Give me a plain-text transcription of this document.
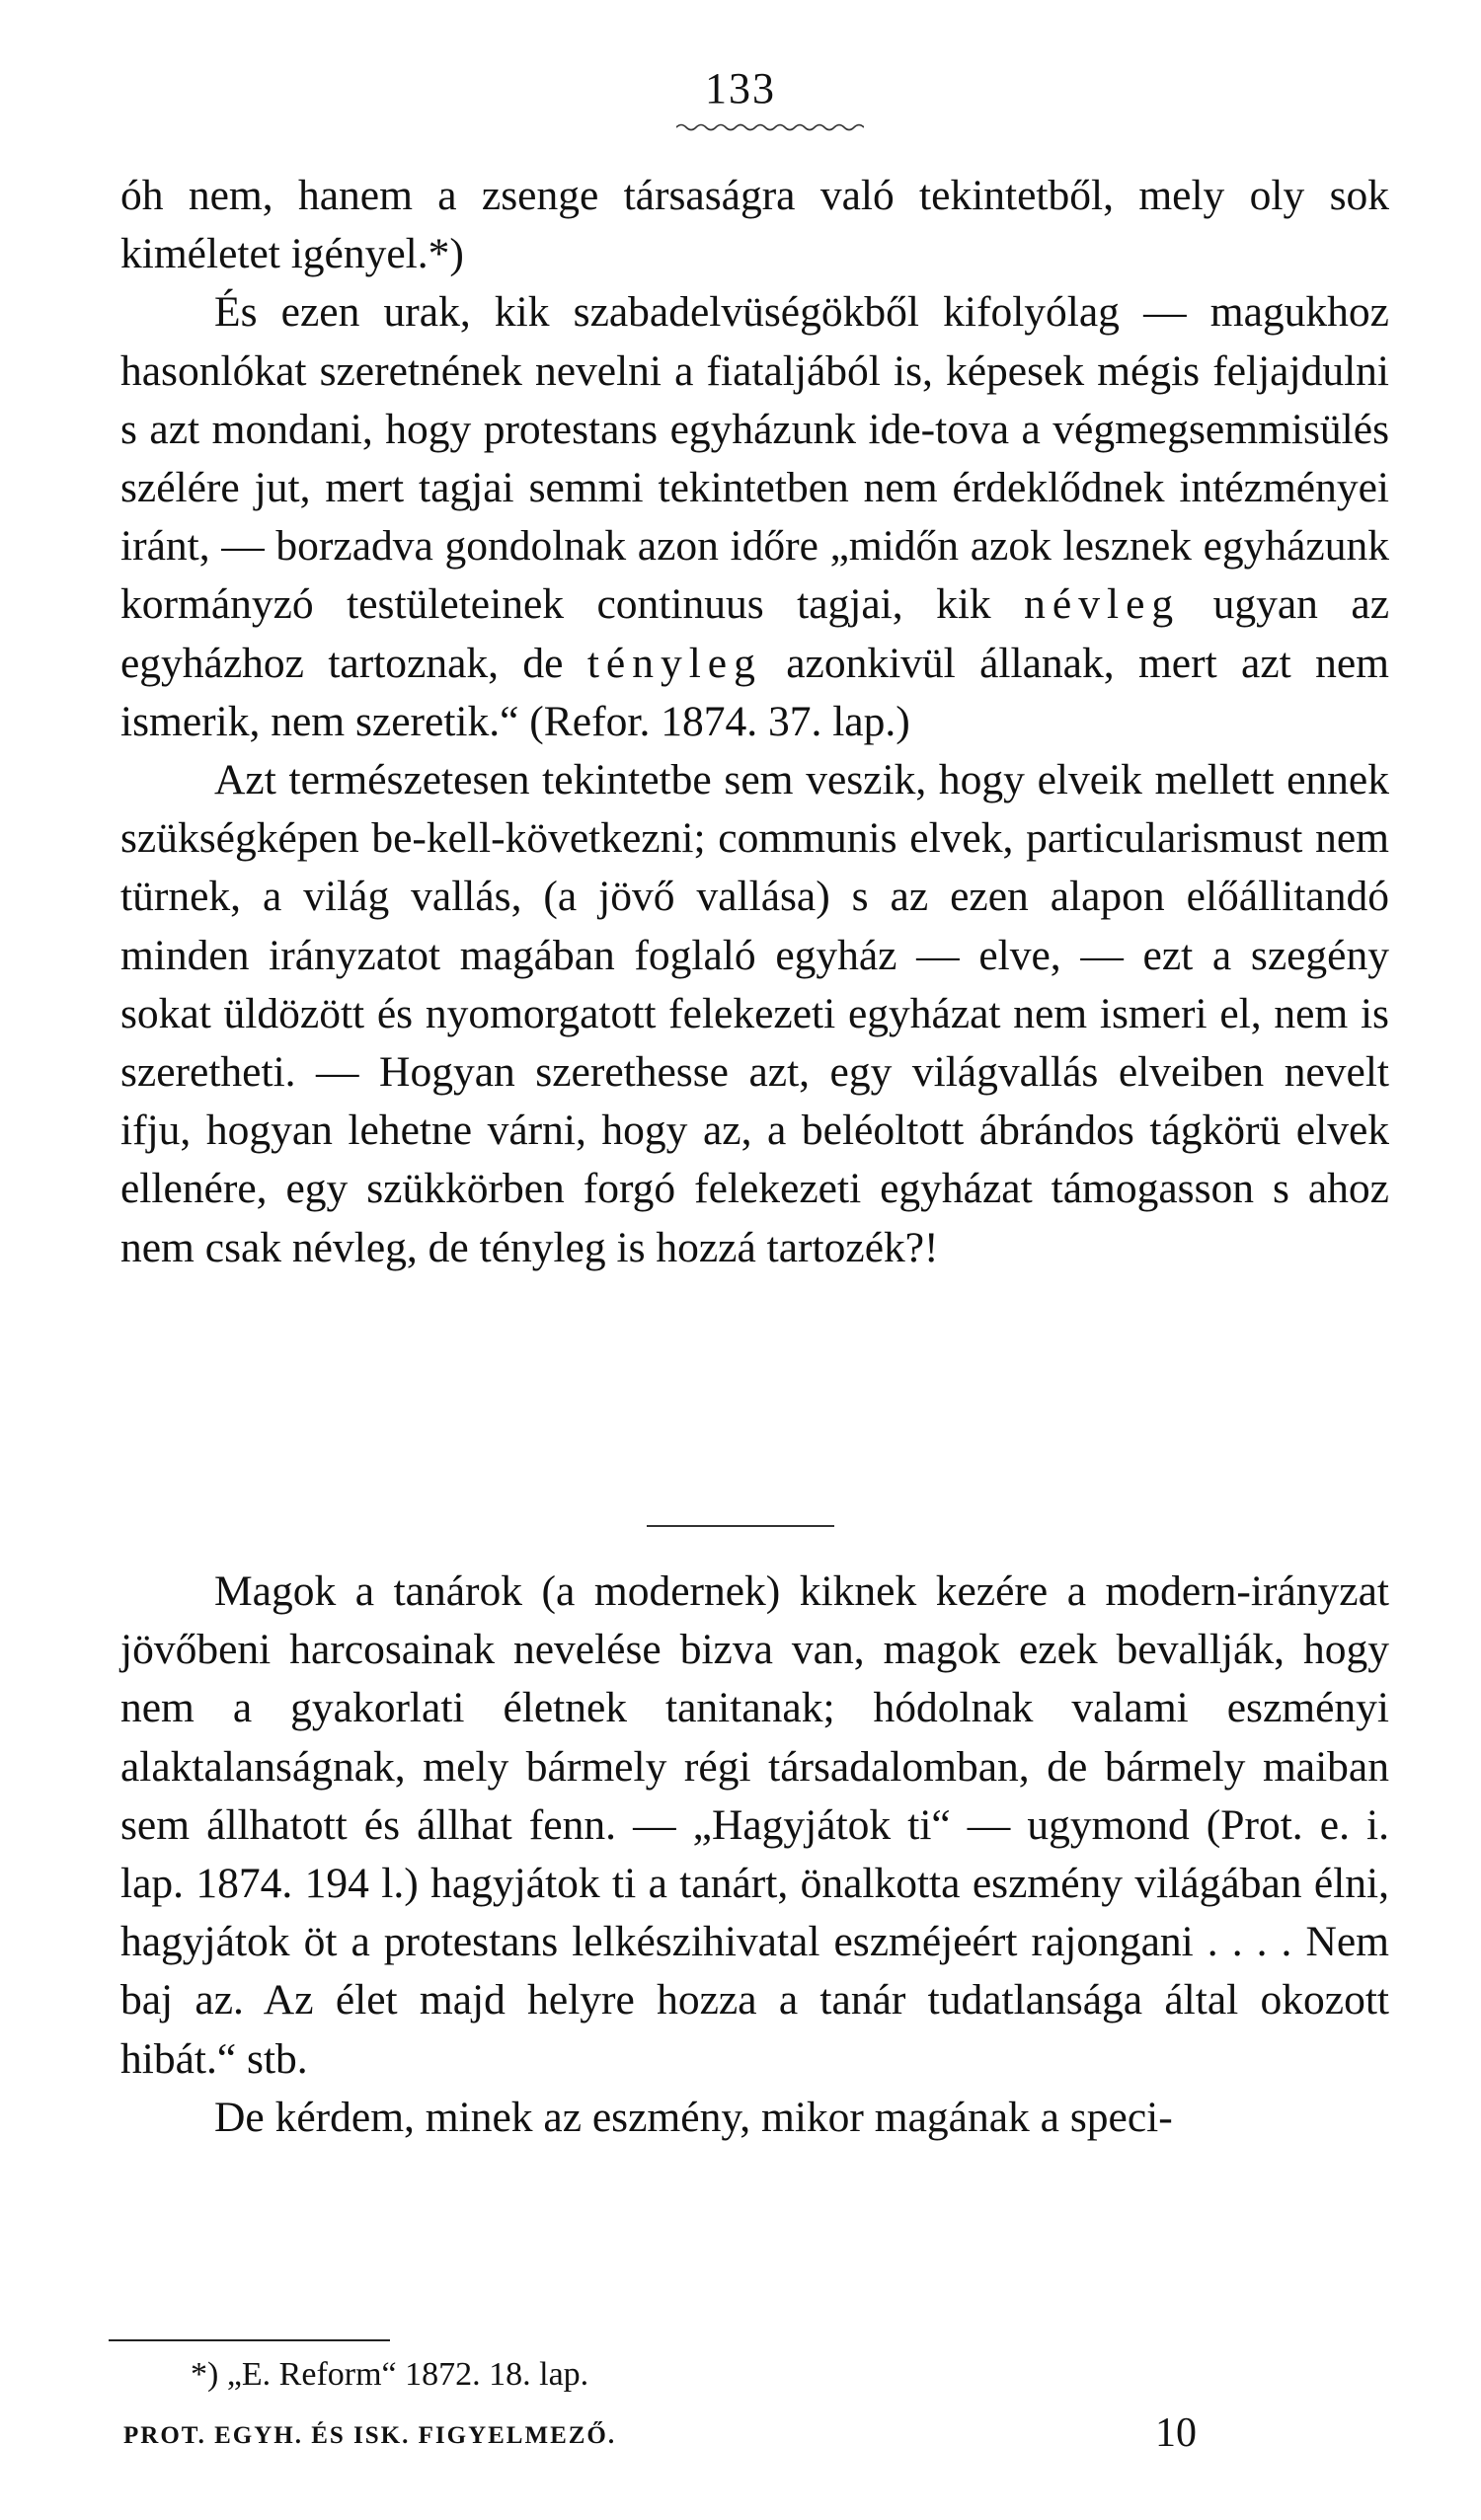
133

óh nem, hanem a zsenge társaságra való tekintetből, mely oly sok kiméletet igényel.*)

És ezen urak, kik szabadelvüségökből kifolyólag — magukhoz hasonlókat szeretnének nevelni a fiataljából is, képesek mégis feljajdulni s azt mondani, hogy protestans egyházunk ide-tova a végmegsemmisülés szélére jut, mert tagjai semmi tekintetben nem érdeklődnek intézményei iránt, — borzadva gondolnak azon időre „midőn azok lesznek egyházunk kormányzó testületeinek continuus tagjai, kik névleg ugyan az egyházhoz tartoznak, de tényleg azonkivül állanak, mert azt nem ismerik, nem szeretik.“ (Refor. 1874. 37. lap.)

Azt természetesen tekintetbe sem veszik, hogy elveik mellett ennek szükségképen be-kell-következni; communis elvek, particularismust nem türnek, a világ vallás, (a jövő vallása) s az ezen alapon előállitandó minden irányzatot magában foglaló egyház — elve, — ezt a szegény sokat üldözött és nyomorgatott felekezeti egyházat nem ismeri el, nem is szeretheti. — Hogyan szerethesse azt, egy világvallás elveiben nevelt ifju, hogyan lehetne várni, hogy az, a beléoltott ábrándos tágkörü elvek ellenére, egy szükkörben forgó felekezeti egyházat támogasson s ahoz nem csak névleg, de tényleg is hozzá tartozék?!

Magok a tanárok (a modernek) kiknek kezére a modern-irányzat jövőbeni harcosainak nevelése bizva van, magok ezek bevallják, hogy nem a gyakorlati életnek tanitanak; hódolnak valami eszményi alaktalanságnak, mely bármely régi társadalomban, de bármely maiban sem állhatott és állhat fenn. — „Hagyjátok ti“ — ugymond (Prot. e. i. lap. 1874. 194 l.) hagyjátok ti a tanárt, önalkotta eszmény világában élni, hagyjátok öt a protestans lelkészihivatal eszméjeért rajongani . . . . Nem baj az. Az élet majd helyre hozza a tanár tudatlansága által okozott hibát.“ stb.

De kérdem, minek az eszmény, mikor magának a speci-

*) „E. Reform“ 1872. 18. lap.
PROT. EGYH. ÉS ISK. FIGYELMEZŐ.	10
